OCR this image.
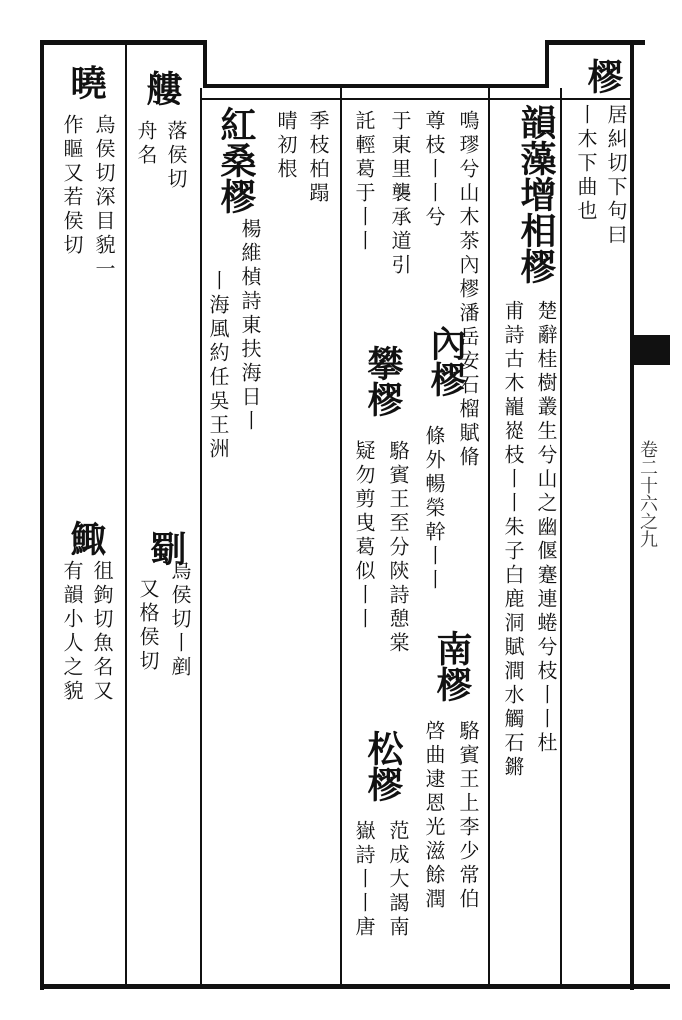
卷二十六之九
樛
居糾切下句曰
丨木下曲也
韻藻增相樛
楚辭桂樹叢生兮山之幽偃蹇連蜷兮枝丨丨杜
甫詩古木巃嵸枝丨丨朱子白鹿洞賦澗水觸石鏘
鳴璆兮山木茶內樛潘岳安石榴賦脩
尊枝丨丨兮
內樛
條外暢榮幹丨丨
南樛
駱賓王上李少常伯
啓曲逮恩光滋餘潤
于東里襲承道引
攀樛
駱賓王至分陝詩憩棠
疑勿剪曳葛似丨丨
託輕葛于丨丨
松樛
范成大謁南
嶽詩丨丨唐
季枝柏蹋
晴初根
紅桑樛
楊維楨詩東扶海日丨
丨海風約任吳王洲
艛
落侯切
舟名
劅
烏侯切丨剷
又格侯切
曉
烏侯切深目貌一
作瞘又若侯切
鯫
徂鉤切魚名又
有韻小人之貌
